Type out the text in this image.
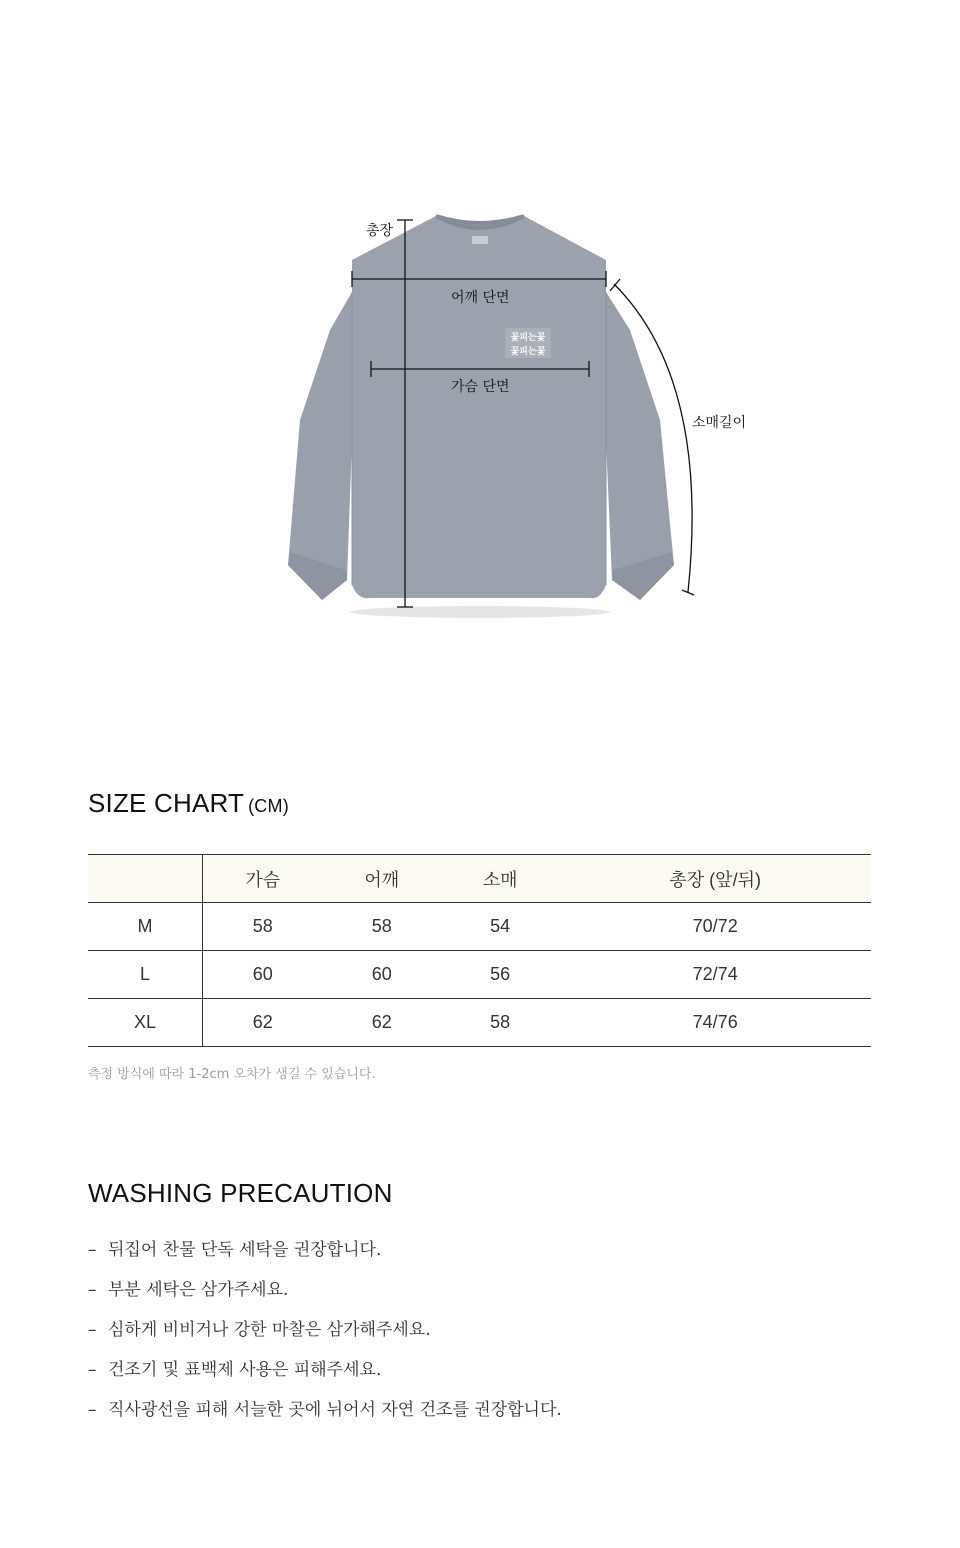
꽃피는꽃
꽃피는꽃
총장
어깨 단면
가슴 단면
소매길이
SIZE CHART (CM)
	가슴	어깨	소매	총장 (앞/뒤)
M	58	58	54	70/72
L	60	60	56	72/74
XL	62	62	58	74/76
측정 방식에 따라 1-2cm 오차가 생길 수 있습니다.
WASHING PRECAUTION
– 뒤집어 찬물 단독 세탁을 권장합니다.
– 부분 세탁은 삼가주세요.
– 심하게 비비거나 강한 마찰은 삼가해주세요.
– 건조기 및 표백제 사용은 피해주세요.
– 직사광선을 피해 서늘한 곳에 뉘어서 자연 건조를 권장합니다.
